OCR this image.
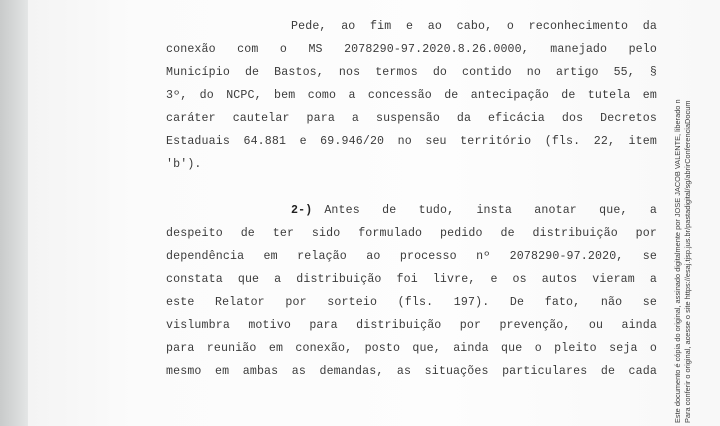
Pede, ao fim e ao cabo, o reconhecimento da
conexão com o MS 2078290-97.2020.8.26.0000, manejado pelo
Município de Bastos, nos termos do contido no artigo 55, §
3º, do NCPC, bem como a concessão de antecipação de tutela em
caráter cautelar para a suspensão da eficácia dos Decretos
Estaduais 64.881 e 69.946/20 no seu território (fls. 22, item
'b').
2-) Antes de tudo, insta anotar que, a
despeito de ter sido formulado pedido de distribuição por
dependência em relação ao processo nº 2078290-97.2020, se
constata que a distribuição foi livre, e os autos vieram a
este Relator por sorteio (fls. 197). De fato, não se
vislumbra motivo para distribuição por prevenção, ou ainda
para reunião em conexão, posto que, ainda que o pleito seja o
mesmo em ambas as demandas, as situações particulares de cada Este documento é cópia do original, assinado digitalmente por JOSE JACOB VALENTE, liberado n Para conferir o original, acesse o site https://esaj.tjsp.jus.br/pastadigital/sg/abrirConferenciaDocum
